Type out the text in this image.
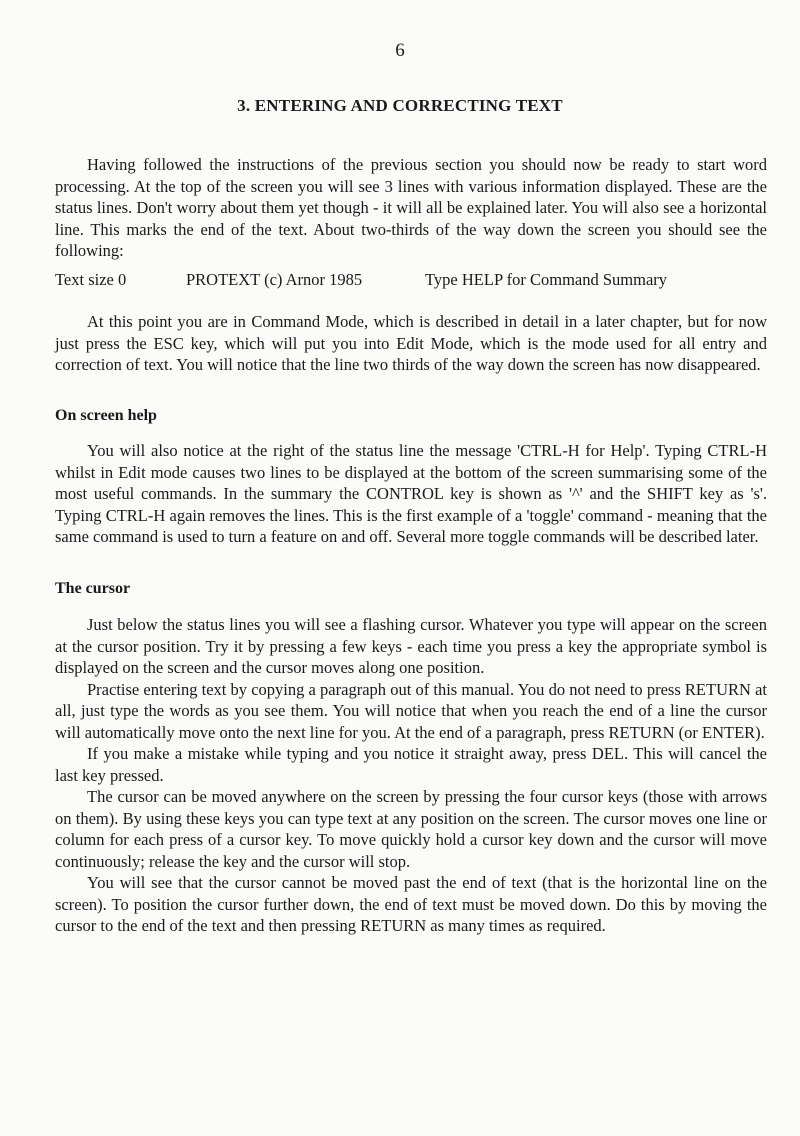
6
3. ENTERING AND CORRECTING TEXT

Having followed the instructions of the previous section you should now be ready to start word processing. At the top of the screen you will see 3 lines with various information displayed. These are the status lines. Don't worry about them yet though - it will all be explained later. You will also see a horizontal line. This marks the end of the text. About two-thirds of the way down the screen you should see the following:

Text size 0	PROTEXT (c) Arnor 1985	Type HELP for Command Summary

At this point you are in Command Mode, which is described in detail in a later chapter, but for now just press the ESC key, which will put you into Edit Mode, which is the mode used for all entry and correction of text. You will notice that the line two thirds of the way down the screen has now disappeared.

On screen help

You will also notice at the right of the status line the message 'CTRL-H for Help'. Typing CTRL-H whilst in Edit mode causes two lines to be displayed at the bottom of the screen summarising some of the most useful commands. In the summary the CONTROL key is shown as '^' and the SHIFT key as 's'. Typing CTRL-H again removes the lines. This is the first example of a 'toggle' command - meaning that the same command is used to turn a feature on and off. Several more toggle commands will be described later.

The cursor

Just below the status lines you will see a flashing cursor. Whatever you type will appear on the screen at the cursor position. Try it by pressing a few keys - each time you press a key the appropriate symbol is displayed on the screen and the cursor moves along one position.

Practise entering text by copying a paragraph out of this manual. You do not need to press RETURN at all, just type the words as you see them. You will notice that when you reach the end of a line the cursor will automatically move onto the next line for you. At the end of a paragraph, press RETURN (or ENTER).

If you make a mistake while typing and you notice it straight away, press DEL. This will cancel the last key pressed.

The cursor can be moved anywhere on the screen by pressing the four cursor keys (those with arrows on them). By using these keys you can type text at any position on the screen. The cursor moves one line or column for each press of a cursor key. To move quickly hold a cursor key down and the cursor will move continuously; release the key and the cursor will stop.

You will see that the cursor cannot be moved past the end of text (that is the horizontal line on the screen). To position the cursor further down, the end of text must be moved down. Do this by moving the cursor to the end of the text and then pressing RETURN as many times as required.
